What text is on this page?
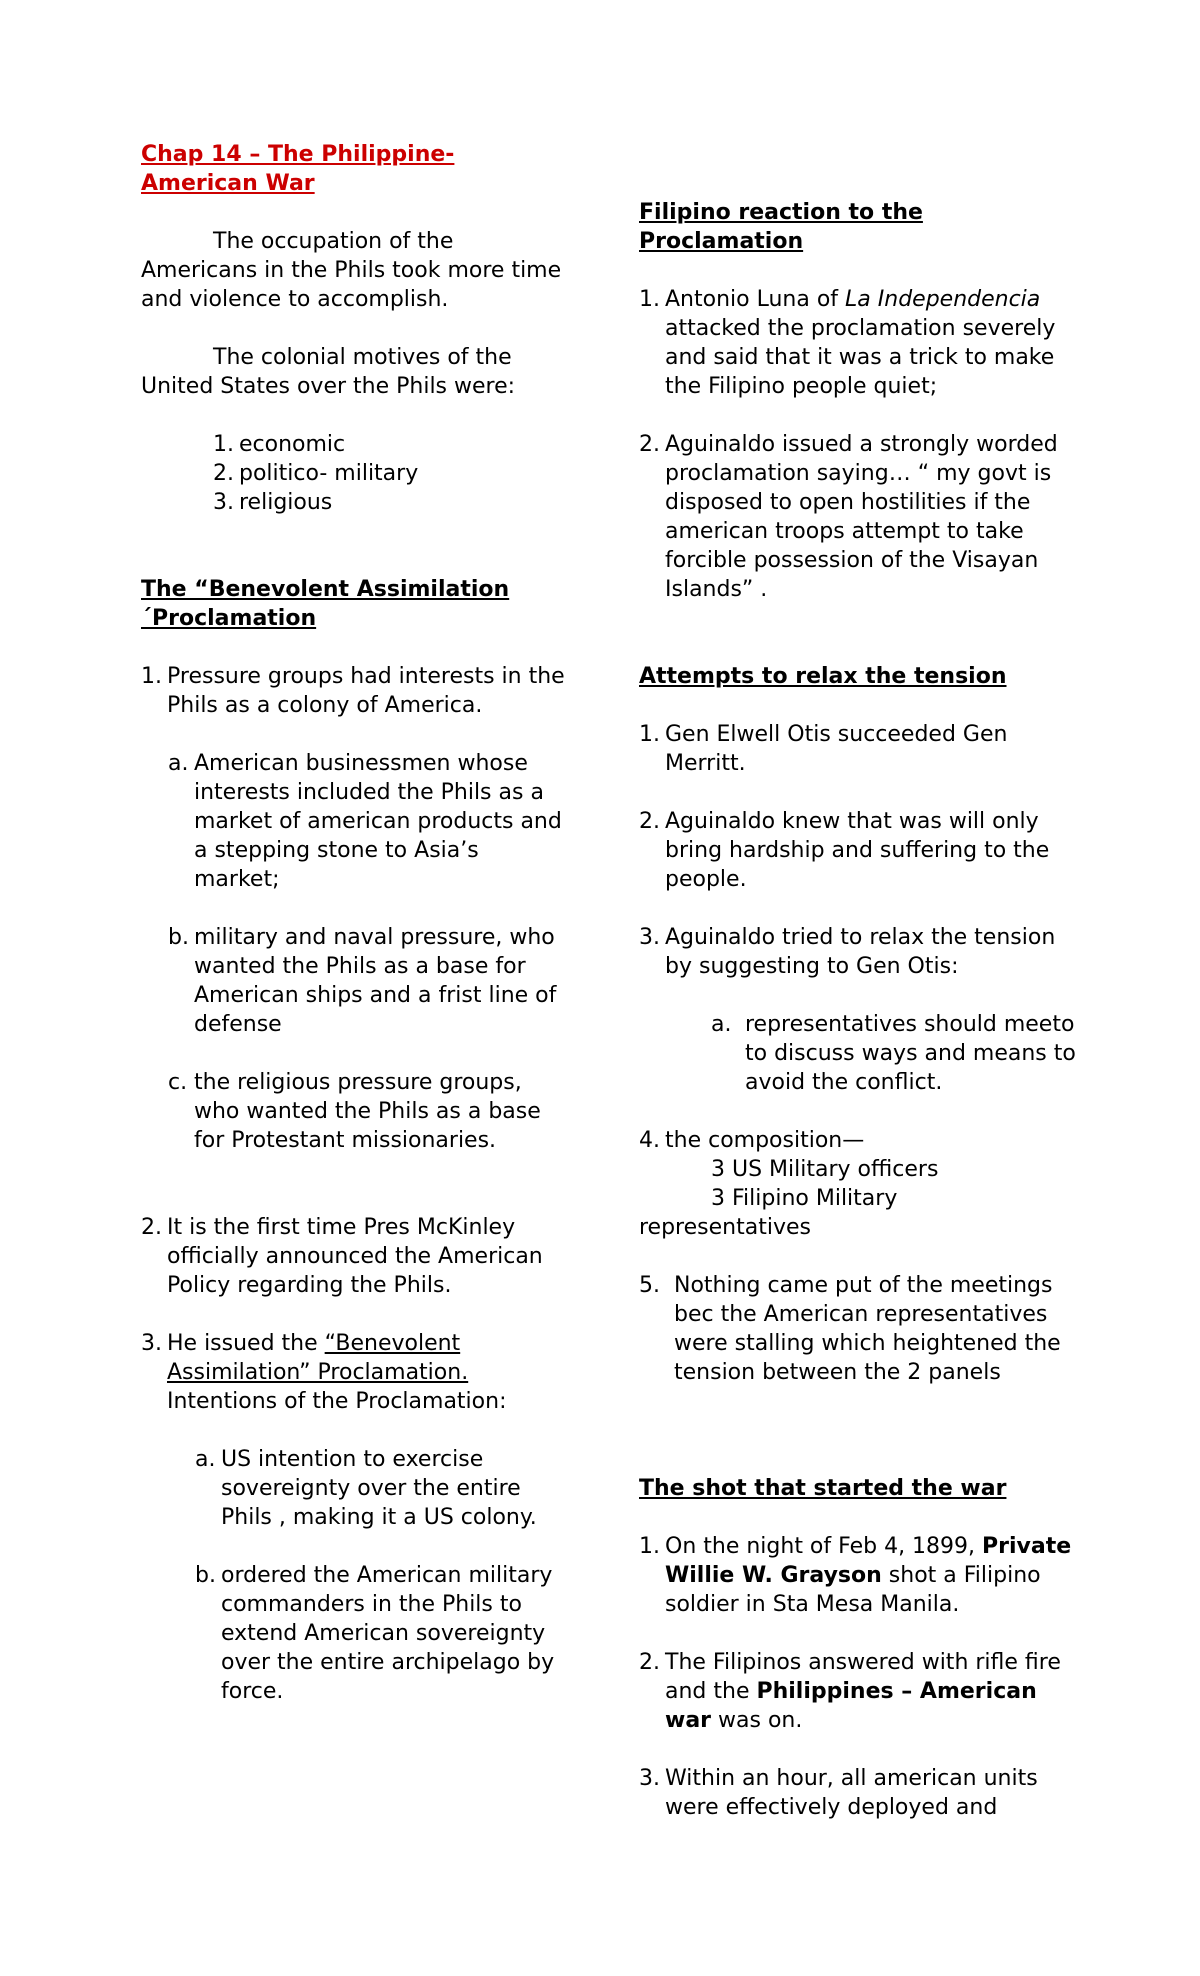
Chap 14 – The Philippine-
American War

The occupation of the Americans in the Phils took more time and violence to accomplish.

The colonial motives of the United States over the Phils were:

1. economic
2. politico- military
3. religious
The “Benevolent Assimilation
´Proclamation
1. Pressure groups had interests in the Phils as a colony of America.
a. American businessmen whose interests included the Phils as a market of american products and a stepping stone to Asia’s market;
b. military and naval pressure, who wanted the Phils as a base for American ships and a frist line of defense
c. the religious pressure groups, who wanted the Phils as a base for Protestant missionaries.
2. It is the first time Pres McKinley officially announced the American Policy regarding the Phils.
3. He issued the “Benevolent Assimilation” Proclamation. Intentions of the Proclamation:
a. US intention to exercise sovereignty over the entire Phils , making it a US colony.
b. ordered the American military commanders in the Phils to extend American sovereignty over the entire archipelago by force.
Filipino reaction to the
Proclamation
1. Antonio Luna of La Independencia attacked the proclamation severely and said that it was a trick to make the Filipino people quiet;
2. Aguinaldo issued a strongly worded proclamation saying… “ my govt is disposed to open hostilities if the american troops attempt to take forcible possession of the Visayan Islands” .
Attempts to relax the tension
1. Gen Elwell Otis succeeded Gen Merritt.
2. Aguinaldo knew that was will only bring hardship and suffering to the people.
3. Aguinaldo tried to relax the tension by suggesting to Gen Otis:
a. representatives should meeto to discuss ways and means to avoid the conflict.
4. the composition—
3 US Military officers
3 Filipino Military
representatives
5. Nothing came put of the meetings bec the American representatives were stalling which heightened the tension between the 2 panels
The shot that started the war
1. On the night of Feb 4, 1899, Private Willie W. Grayson shot a Filipino soldier in Sta Mesa Manila.
2. The Filipinos answered with rifle fire and the Philippines – American war was on.
3. Within an hour, all american units were effectively deployed and
